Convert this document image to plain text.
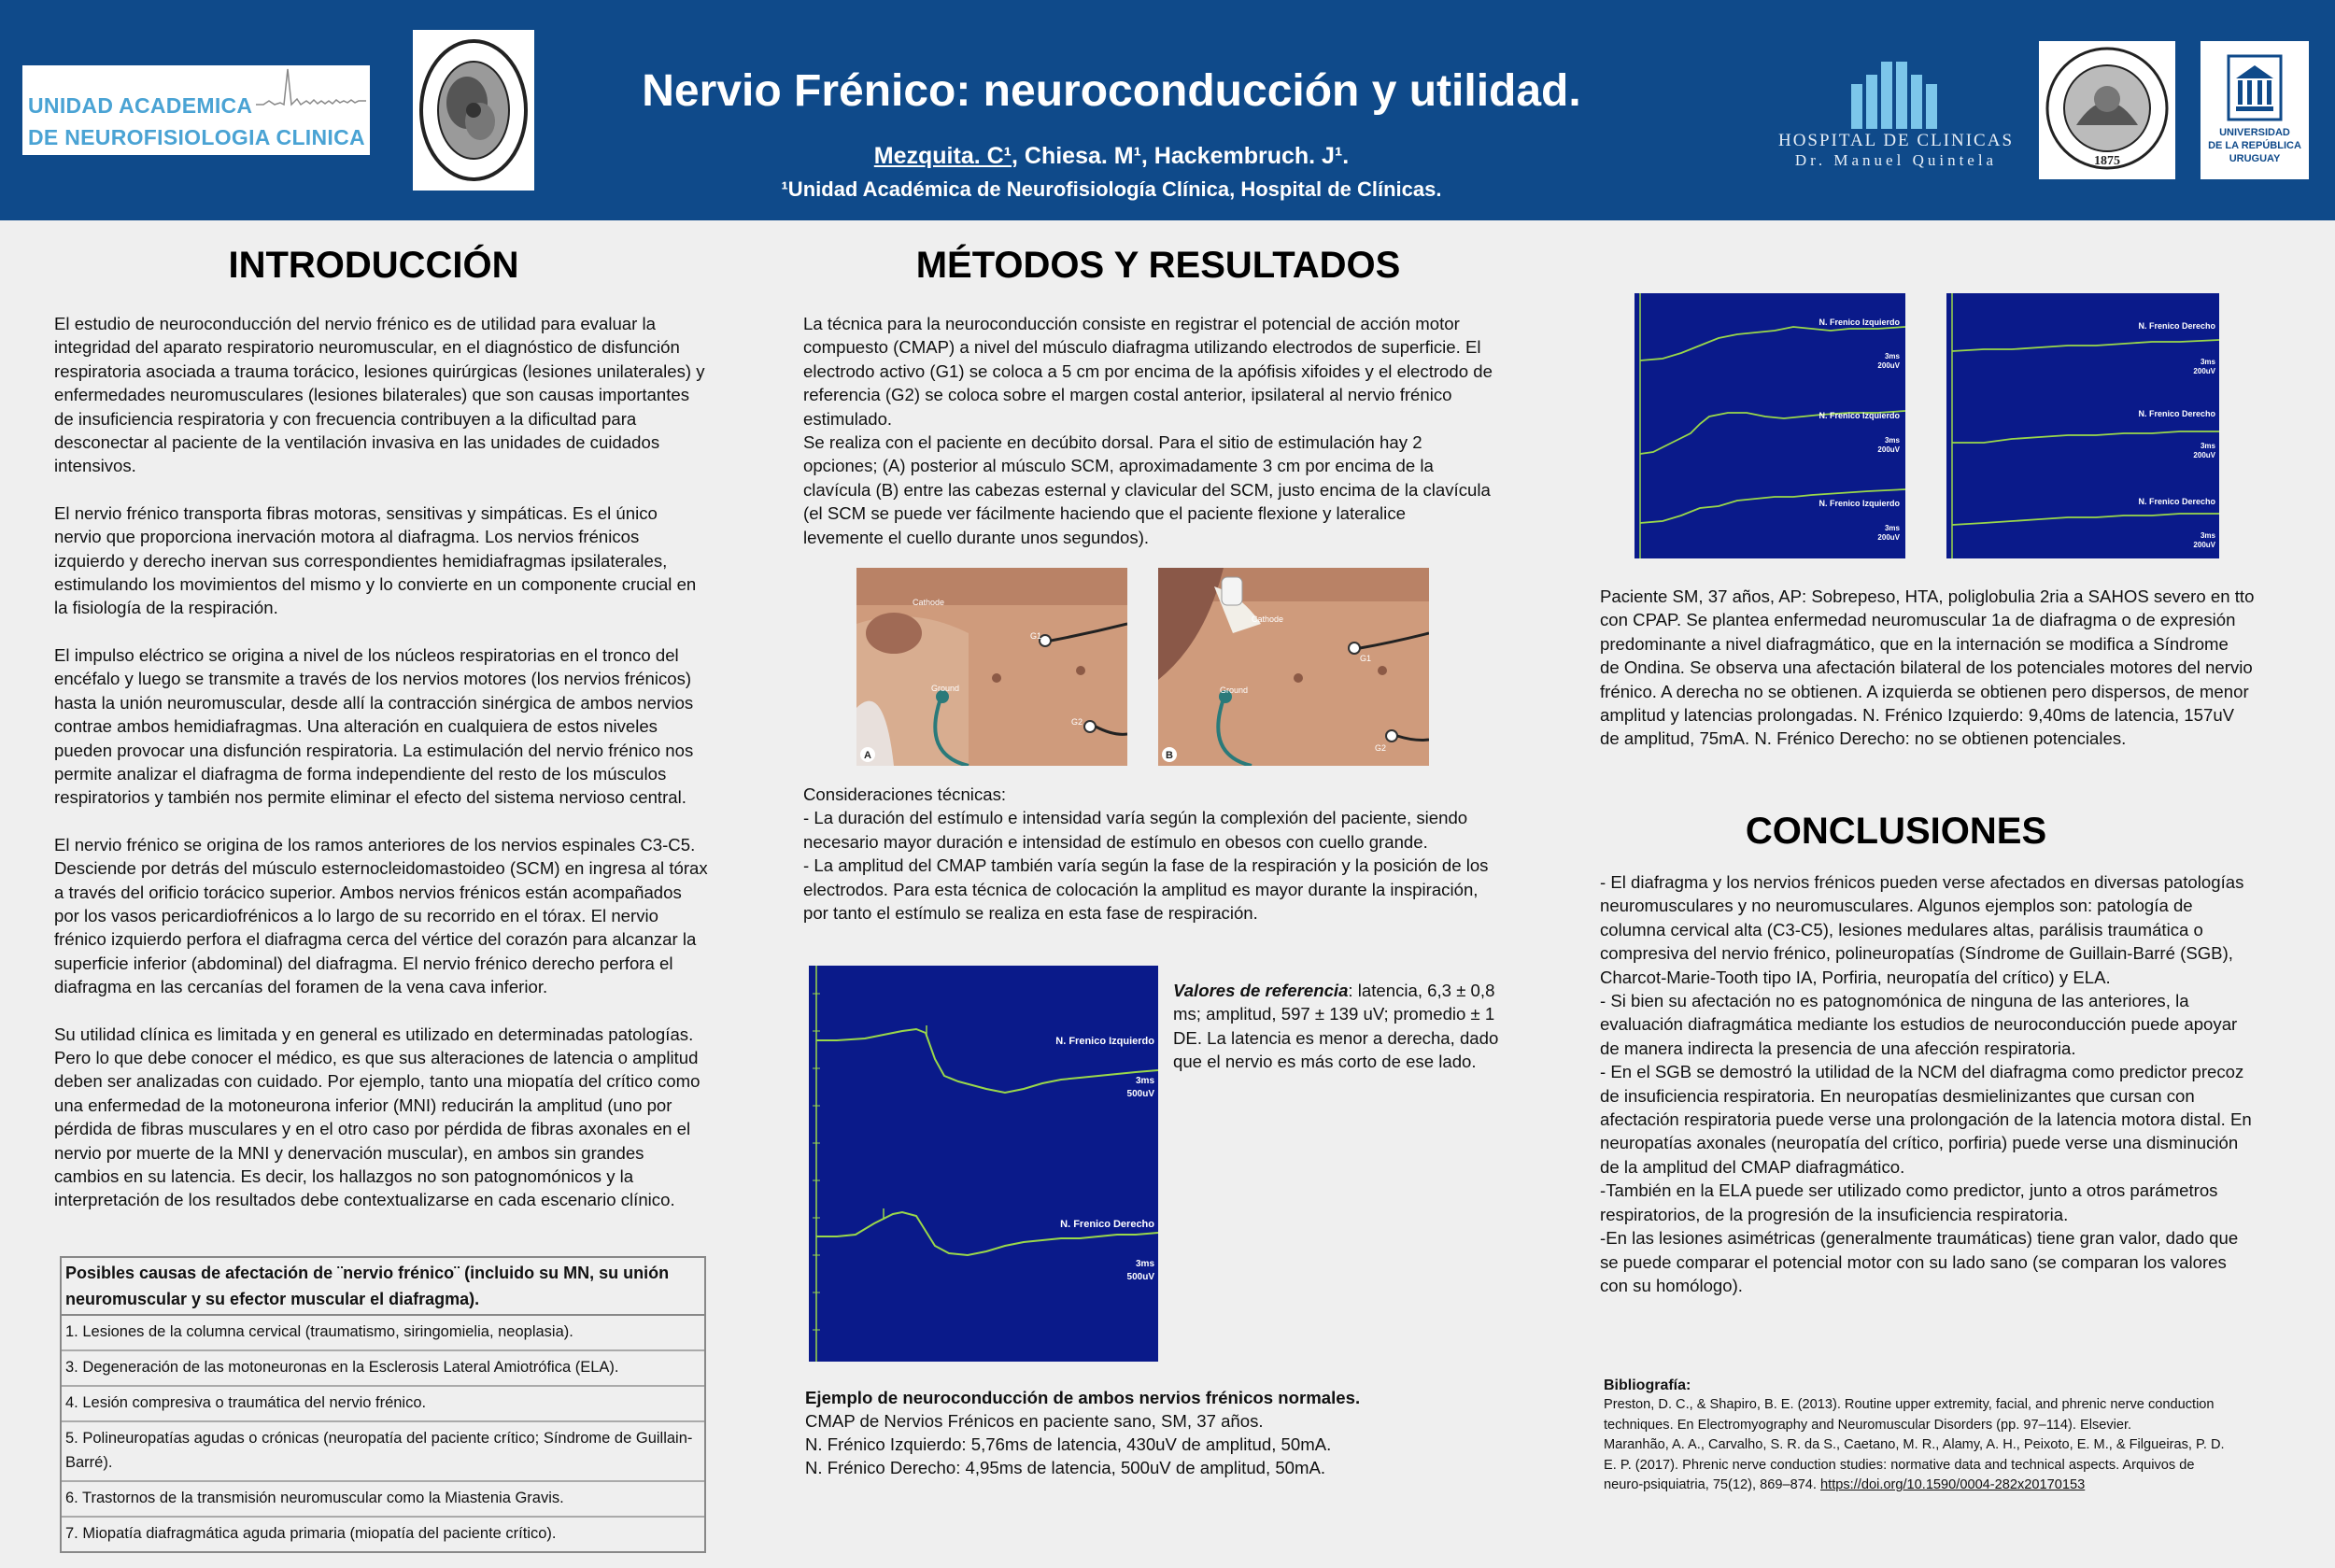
UNIDAD ACADEMICA
DE NEUROFISIOLOGIA CLINICA
Nervio Frénico: neuroconducción y utilidad.
Mezquita. C¹, Chiesa. M¹, Hackembruch. J¹.
¹Unidad Académica de Neurofisiología Clínica, Hospital de Clínicas.
HOSPITAL DE CLINICAS
Dr. Manuel Quintela	1875
UNIVERSIDAD
DE LA REPÚBLICA
URUGUAY
INTRODUCCIÓN
El estudio de neuroconducción del nervio frénico es de utilidad para evaluar la
integridad del aparato respiratorio neuromuscular, en el diagnóstico de disfunción
respiratoria asociada a trauma torácico, lesiones quirúrgicas (lesiones unilaterales) y
enfermedades neuromusculares (lesiones bilaterales) que son causas importantes
de insuficiencia respiratoria y con frecuencia contribuyen a la dificultad para
desconectar al paciente de la ventilación invasiva en las unidades de cuidados
intensivos.
El nervio frénico transporta fibras motoras, sensitivas y simpáticas. Es el único
nervio que proporciona inervación motora al diafragma. Los nervios frénicos
izquierdo y derecho inervan sus correspondientes hemidiafragmas ipsilaterales,
estimulando los movimientos del mismo y lo convierte en un componente crucial en
la fisiología de la respiración.
El impulso eléctrico se origina a nivel de los núcleos respiratorias en el tronco del
encéfalo y luego se transmite a través de los nervios motores (los nervios frénicos)
hasta la unión neuromuscular, desde allí la contracción sinérgica de ambos nervios
contrae ambos hemidiafragmas. Una alteración en cualquiera de estos niveles
pueden provocar una disfunción respiratoria. La estimulación del nervio frénico nos
permite analizar el diafragma de forma independiente del resto de los músculos
respiratorios y también nos permite eliminar el efecto del sistema nervioso central.
El nervio frénico se origina de los ramos anteriores de los nervios espinales C3-C5.
Desciende por detrás del músculo esternocleidomastoideo (SCM) en ingresa al tórax
a través del orificio torácico superior. Ambos nervios frénicos están acompañados
por los vasos pericardiofrénicos a lo largo de su recorrido en el tórax. El nervio
frénico izquierdo perfora el diafragma cerca del vértice del corazón para alcanzar la
superficie inferior (abdominal) del diafragma. El nervio frénico derecho perfora el
diafragma en las cercanías del foramen de la vena cava inferior.
Su utilidad clínica es limitada y en general es utilizado en determinadas patologías.
Pero lo que debe conocer el médico, es que sus alteraciones de latencia o amplitud
deben ser analizadas con cuidado. Por ejemplo, tanto una miopatía del crítico como
una enfermedad de la motoneurona inferior (MNI) reducirán la amplitud (uno por
pérdida de fibras musculares y en el otro caso por pérdida de fibras axonales en el
nervio por muerte de la MNI y denervación muscular), en ambos sin grandes
cambios en su latencia. Es decir, los hallazgos no son patognomónicos y la
interpretación de los resultados debe contextualizarse en cada escenario clínico.
Posibles causas de afectación de ¨nervio frénico¨ (incluido su MN, su unión neuromuscular y su efector muscular el diafragma).
1. Lesiones de la columna cervical (traumatismo, siringomielia, neoplasia).
3. Degeneración de las motoneuronas en la Esclerosis Lateral Amiotrófica (ELA).
4. Lesión compresiva o traumática del nervio frénico.
5. Polineuropatías agudas o crónicas (neuropatía del paciente crítico; Síndrome de Guillain-Barré).
6. Trastornos de la transmisión neuromuscular como la Miastenia Gravis.
7. Miopatía diafragmática aguda primaria (miopatía del paciente crítico).
MÉTODOS Y RESULTADOS
La técnica para la neuroconducción consiste en registrar el potencial de acción motor
compuesto (CMAP) a nivel del músculo diafragma utilizando electrodos de superficie. El
electrodo activo (G1) se coloca a 5 cm por encima de la apófisis xifoides y el electrodo de
referencia (G2) se coloca sobre el margen costal anterior, ipsilateral al nervio frénico
estimulado.
Se realiza con el paciente en decúbito dorsal. Para el sitio de estimulación hay 2
opciones; (A) posterior al músculo SCM, aproximadamente 3 cm por encima de la
clavícula (B) entre las cabezas esternal y clavicular del SCM, justo encima de la clavícula
(el SCM se puede ver fácilmente haciendo que el paciente flexione y lateralice
levemente el cuello durante unos segundos).
Cathode
Ground
G1
G2
A
Cathode
Ground
G1
G2
B
Consideraciones técnicas:
- La duración del estímulo e intensidad varía según la complexión del paciente, siendo
necesario mayor duración e intensidad de estímulo en obesos con cuello grande.
- La amplitud del CMAP también varía según la fase de la respiración y la posición de los
electrodos. Para esta técnica de colocación la amplitud es mayor durante la inspiración,
por tanto el estímulo se realiza en esta fase de respiración.
N. Frenico Izquierdo
3ms
500uV
N. Frenico Derecho
3ms
500uV
Valores de referencia: latencia, 6,3 ± 0,8
ms; amplitud, 597 ± 139 uV; promedio ± 1
DE. La latencia es menor a derecha, dado
que el nervio es más corto de ese lado.
Ejemplo de neuroconducción de ambos nervios frénicos normales.
CMAP de Nervios Frénicos en paciente sano, SM, 37 años.
N. Frénico Izquierdo: 5,76ms de latencia, 430uV de amplitud, 50mA.
N. Frénico Derecho: 4,95ms de latencia, 500uV de amplitud, 50mA.
N. Frenico Izquierdo
3ms
200uV
N. Frenico Izquierdo
3ms
200uV
N. Frenico Izquierdo
3ms
200uV
N. Frenico Derecho
3ms
200uV
N. Frenico Derecho
3ms
200uV
N. Frenico Derecho
3ms
200uV
Paciente SM, 37 años, AP: Sobrepeso, HTA, poliglobulia 2ria a SAHOS severo en tto
con CPAP. Se plantea enfermedad neuromuscular 1a de diafragma o de expresión
predominante a nivel diafragmático, que en la internación se modifica a Síndrome
de Ondina. Se observa una afectación bilateral de los potenciales motores del nervio
frénico. A derecha no se obtienen. A izquierda se obtienen pero dispersos, de menor
amplitud y latencias prolongadas. N. Frénico Izquierdo: 9,40ms de latencia, 157uV
de amplitud, 75mA. N. Frénico Derecho: no se obtienen potenciales.
CONCLUSIONES
- El diafragma y los nervios frénicos pueden verse afectados en diversas patologías
neuromusculares y no neuromusculares. Algunos ejemplos son: patología de
columna cervical alta (C3-C5), lesiones medulares altas, parálisis traumática o
compresiva del nervio frénico, polineuropatías (Síndrome de Guillain-Barré (SGB),
Charcot-Marie-Tooth tipo IA, Porfiria, neuropatía del crítico) y ELA.
- Si bien su afectación no es patognomónica de ninguna de las anteriores, la
evaluación diafragmática mediante los estudios de neuroconducción puede apoyar
de manera indirecta la presencia de una afección respiratoria.
- En el SGB se demostró la utilidad de la NCM del diafragma como predictor precoz
de insuficiencia respiratoria. En neuropatías desmielinizantes que cursan con
afectación respiratoria puede verse una prolongación de la latencia motora distal. En
neuropatías axonales (neuropatía del crítico, porfiria) puede verse una disminución
de la amplitud del CMAP diafragmático.
-También en la ELA puede ser utilizado como predictor, junto a otros parámetros
respiratorios, de la progresión de la insuficiencia respiratoria.
-En las lesiones asimétricas (generalmente traumáticas) tiene gran valor, dado que
se puede comparar el potencial motor con su lado sano (se comparan los valores
con su homólogo).
Bibliografía:
Preston, D. C., & Shapiro, B. E. (2013). Routine upper extremity, facial, and phrenic nerve conduction
techniques. En Electromyography and Neuromuscular Disorders (pp. 97–114). Elsevier.
Maranhão, A. A., Carvalho, S. R. da S., Caetano, M. R., Alamy, A. H., Peixoto, E. M., & Filgueiras, P. D.
E. P. (2017). Phrenic nerve conduction studies: normative data and technical aspects. Arquivos de
neuro-psiquiatria, 75(12), 869–874. https://doi.org/10.1590/0004-282x20170153
